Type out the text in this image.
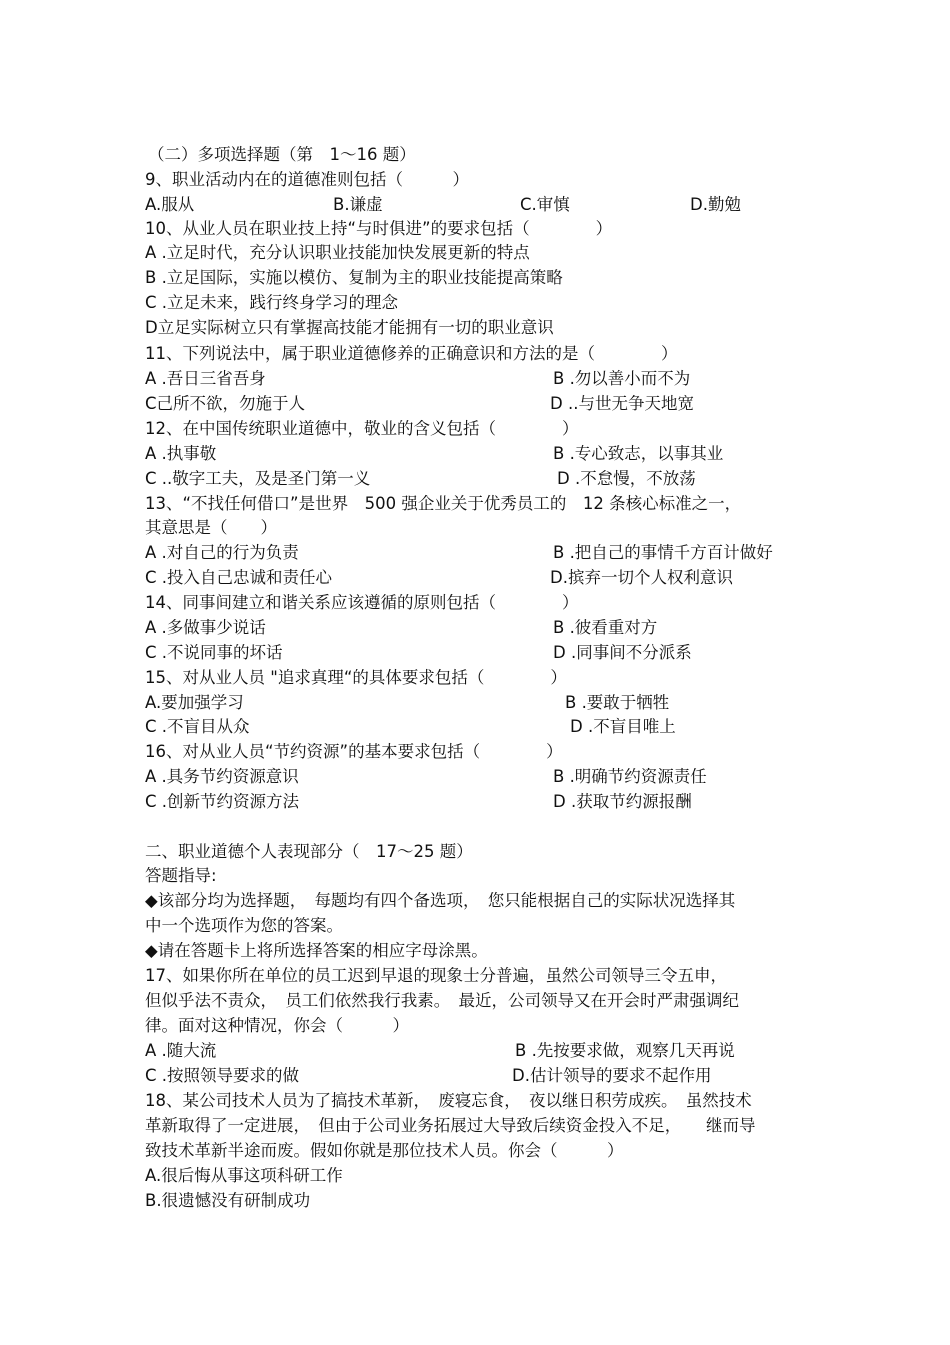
（二）多项选择题（第　1～16 题）
9、职业活动内在的道德准则包括（　　　）
A.服从	B.谦虚	C.审慎	D.勤勉
10、从业人员在职业技上持“与时俱进”的要求包括（　　　　）
A .立足时代，充分认识职业技能加快发展更新的特点
B .立足国际，实施以模仿、复制为主的职业技能提高策略
C .立足未来，践行终身学习的理念
D立足实际树立只有掌握高技能才能拥有一切的职业意识
11、下列说法中，属于职业道德修养的正确意识和方法的是（　　　　）
A .吾日三省吾身	B .勿以善小而不为
C己所不欲，勿施于人	D ..与世无争天地宽
12、在中国传统职业道德中，敬业的含义包括（　　　　）
A .执事敬	B .专心致志，以事其业
C ..敬字工夫，及是圣门第一义	D .不怠慢，不放荡
13、“不找任何借口”是世界　500 强企业关于优秀员工的　12 条核心标准之一，
其意思是（　　）
A .对自己的行为负责	B .把自己的事情千方百计做好
C .投入自己忠诚和责任心	D.摈弃一切个人权利意识
14、同事间建立和谐关系应该遵循的原则包括（　　　　）
A .多做事少说话	B .彼看重对方
C .不说同事的坏话	D .同事间不分派系
15、对从业人员 "追求真理“的具体要求包括（　　　　）
A.要加强学习	B .要敢于牺牲
C .不盲目从众	D .不盲目唯上
16、对从业人员“节约资源”的基本要求包括（　　　　）
A .具务节约资源意识	B .明确节约资源责任
C .创新节约资源方法	D .获取节约源报酬
二、职业道德个人表现部分（　17～25 题）
答题指导:
◆该部分均为选择题，　每题均有四个备选项，　您只能根据自己的实际状况选择其
中一个选项作为您的答案。
◆请在答题卡上将所选择答案的相应字母涂黑。
17、如果你所在单位的员工迟到早退的现象士分普遍，虽然公司领导三令五申，
但似乎法不责众，　员工们依然我行我素。　最近，公司领导又在开会时严肃强调纪
律。面对这种情况，你会（　　　）
A .随大流	B .先按要求做，观察几天再说
C .按照领导要求的做	D.估计领导的要求不起作用
18、某公司技术人员为了搞技术革新，　废寝忘食，　夜以继日积劳成疾。　虽然技术
革新取得了一定进展，　但由于公司业务拓展过大导致后续资金投入不足，　　继而导
致技术革新半途而废。假如你就是那位技术人员。你会（　　　）
A.很后悔从事这项科研工作
B.很遗憾没有研制成功
